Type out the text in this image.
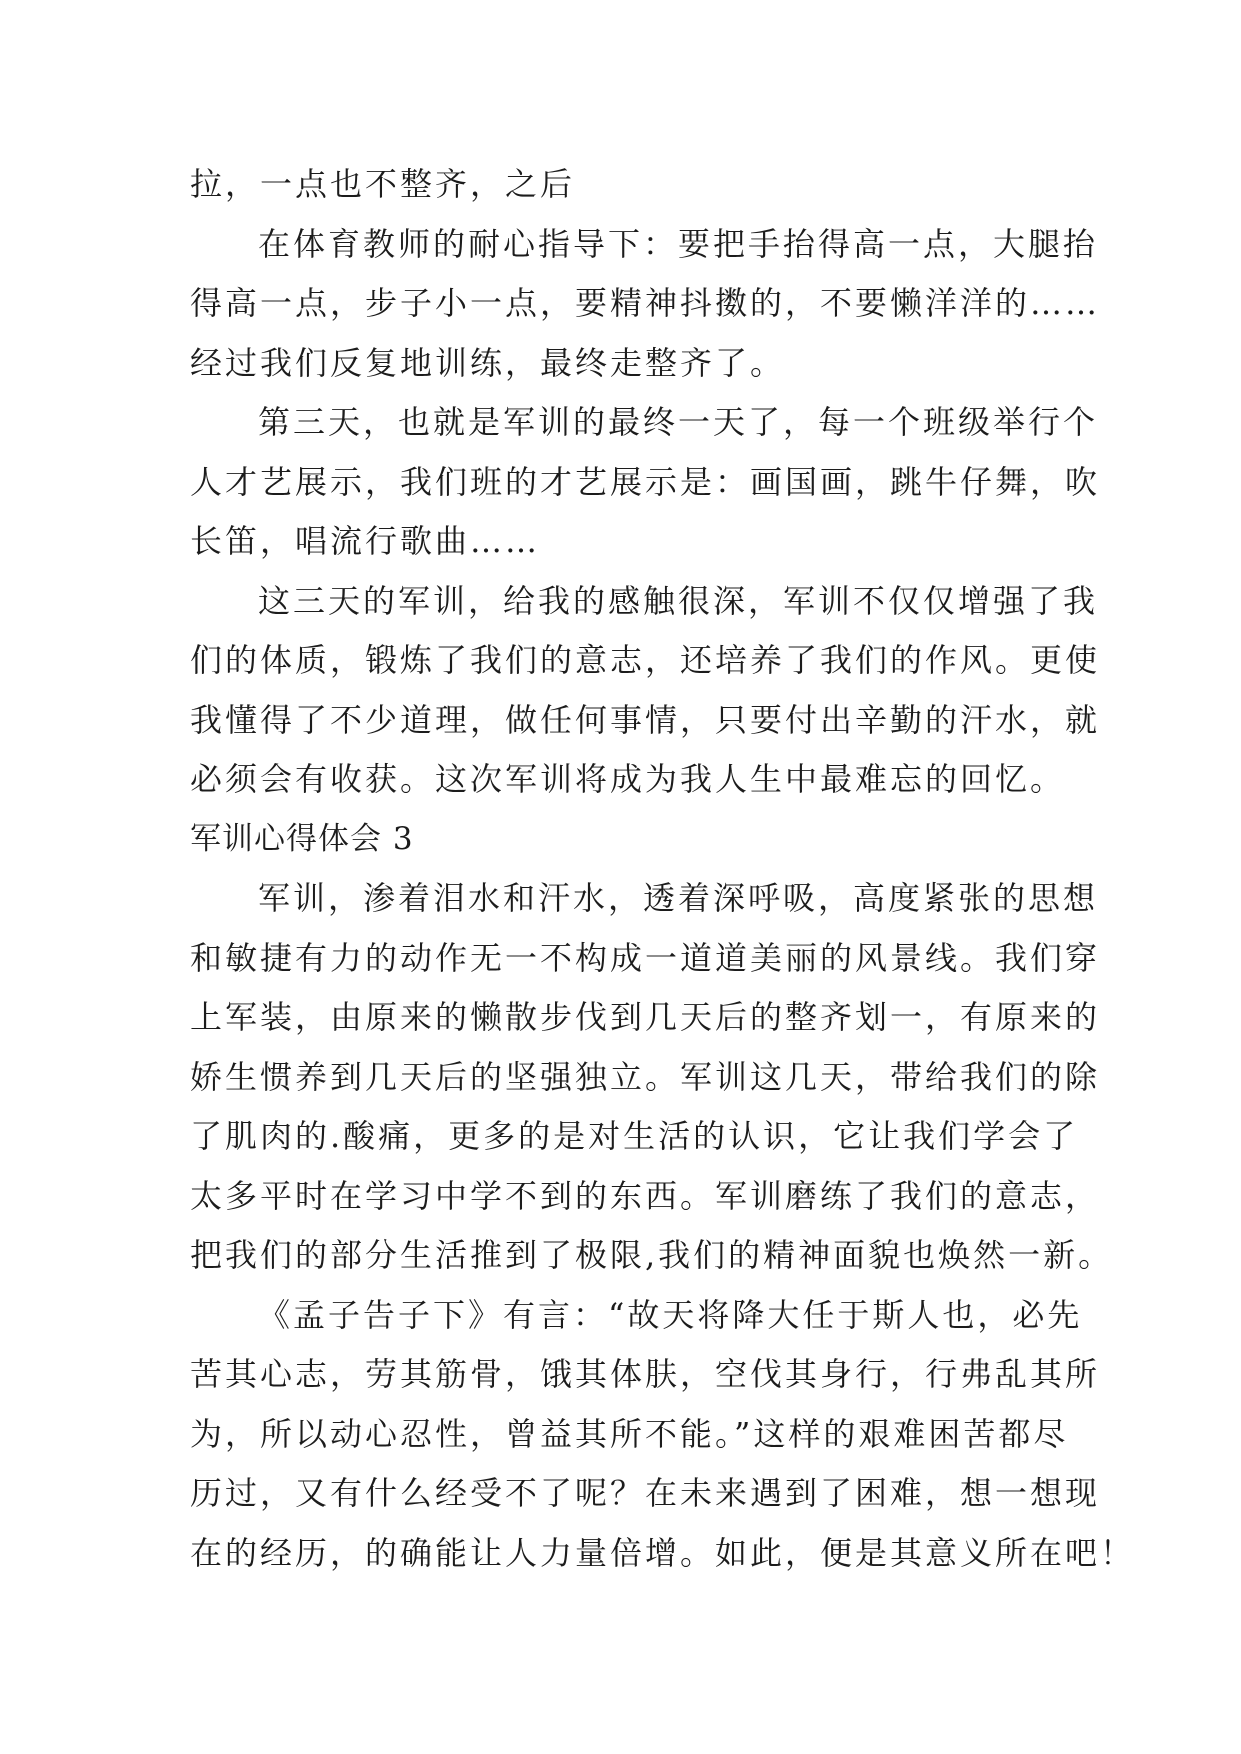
拉，一点也不整齐，之后
在体育教师的耐心指导下：要把手抬得高一点，大腿抬
得高一点，步子小一点，要精神抖擞的，不要懒洋洋的……
经过我们反复地训练，最终走整齐了。
第三天，也就是军训的最终一天了，每一个班级举行个
人才艺展示，我们班的才艺展示是：画国画，跳牛仔舞，吹
长笛，唱流行歌曲……
这三天的军训，给我的感触很深，军训不仅仅增强了我
们的体质，锻炼了我们的意志，还培养了我们的作风。更使
我懂得了不少道理，做任何事情，只要付出辛勤的汗水，就
必须会有收获。这次军训将成为我人生中最难忘的回忆。
军训心得体会 3
军训，渗着泪水和汗水，透着深呼吸，高度紧张的思想
和敏捷有力的动作无一不构成一道道美丽的风景线。我们穿
上军装，由原来的懒散步伐到几天后的整齐划一，有原来的
娇生惯养到几天后的坚强独立。军训这几天，带给我们的除
了肌肉的.酸痛，更多的是对生活的认识，它让我们学会了
太多平时在学习中学不到的东西。军训磨练了我们的意志，
把我们的部分生活推到了极限,我们的精神面貌也焕然一新。
《孟子告子下》有言：“故天将降大任于斯人也，必先
苦其心志，劳其筋骨，饿其体肤，空伐其身行，行弗乱其所
为，所以动心忍性，曾益其所不能。”这样的艰难困苦都尽
历过，又有什么经受不了呢？在未来遇到了困难，想一想现
在的经历，的确能让人力量倍增。如此，便是其意义所在吧！
